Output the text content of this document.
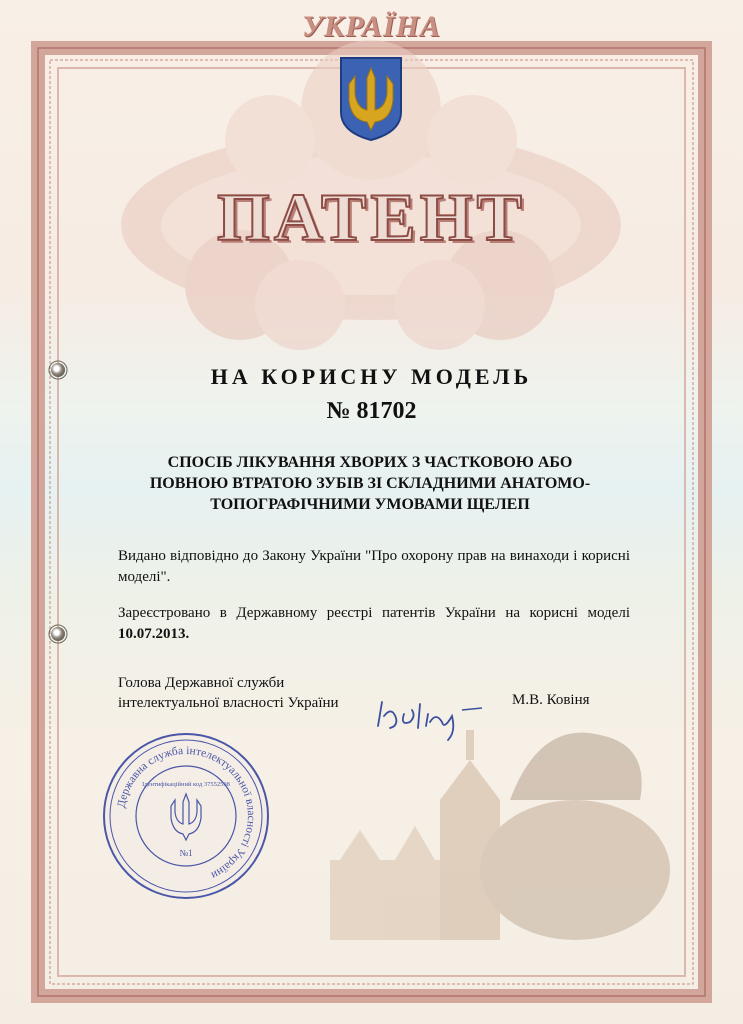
УКРАЇНА
ПАТЕНТ
НА КОРИСНУ МОДЕЛЬ
№ 81702
СПОСІБ ЛІКУВАННЯ ХВОРИХ З ЧАСТКОВОЮ АБО
ПОВНОЮ ВТРАТОЮ ЗУБІВ ЗІ СКЛАДНИМИ АНАТОМО-
ТОПОГРАФІЧНИМИ УМОВАМИ ЩЕЛЕП
Видано відповідно до Закону України "Про охорону прав на винаходи і корисні моделі".
Зареєстровано в Державному реєстрі патентів України на корисні моделі 10.07.2013.
Голова Державної служби
інтелектуальної власності України	М.В. Ковіня
Державна служба інтелектуальної власності України
Ідентифікаційний код 37552598
№1
